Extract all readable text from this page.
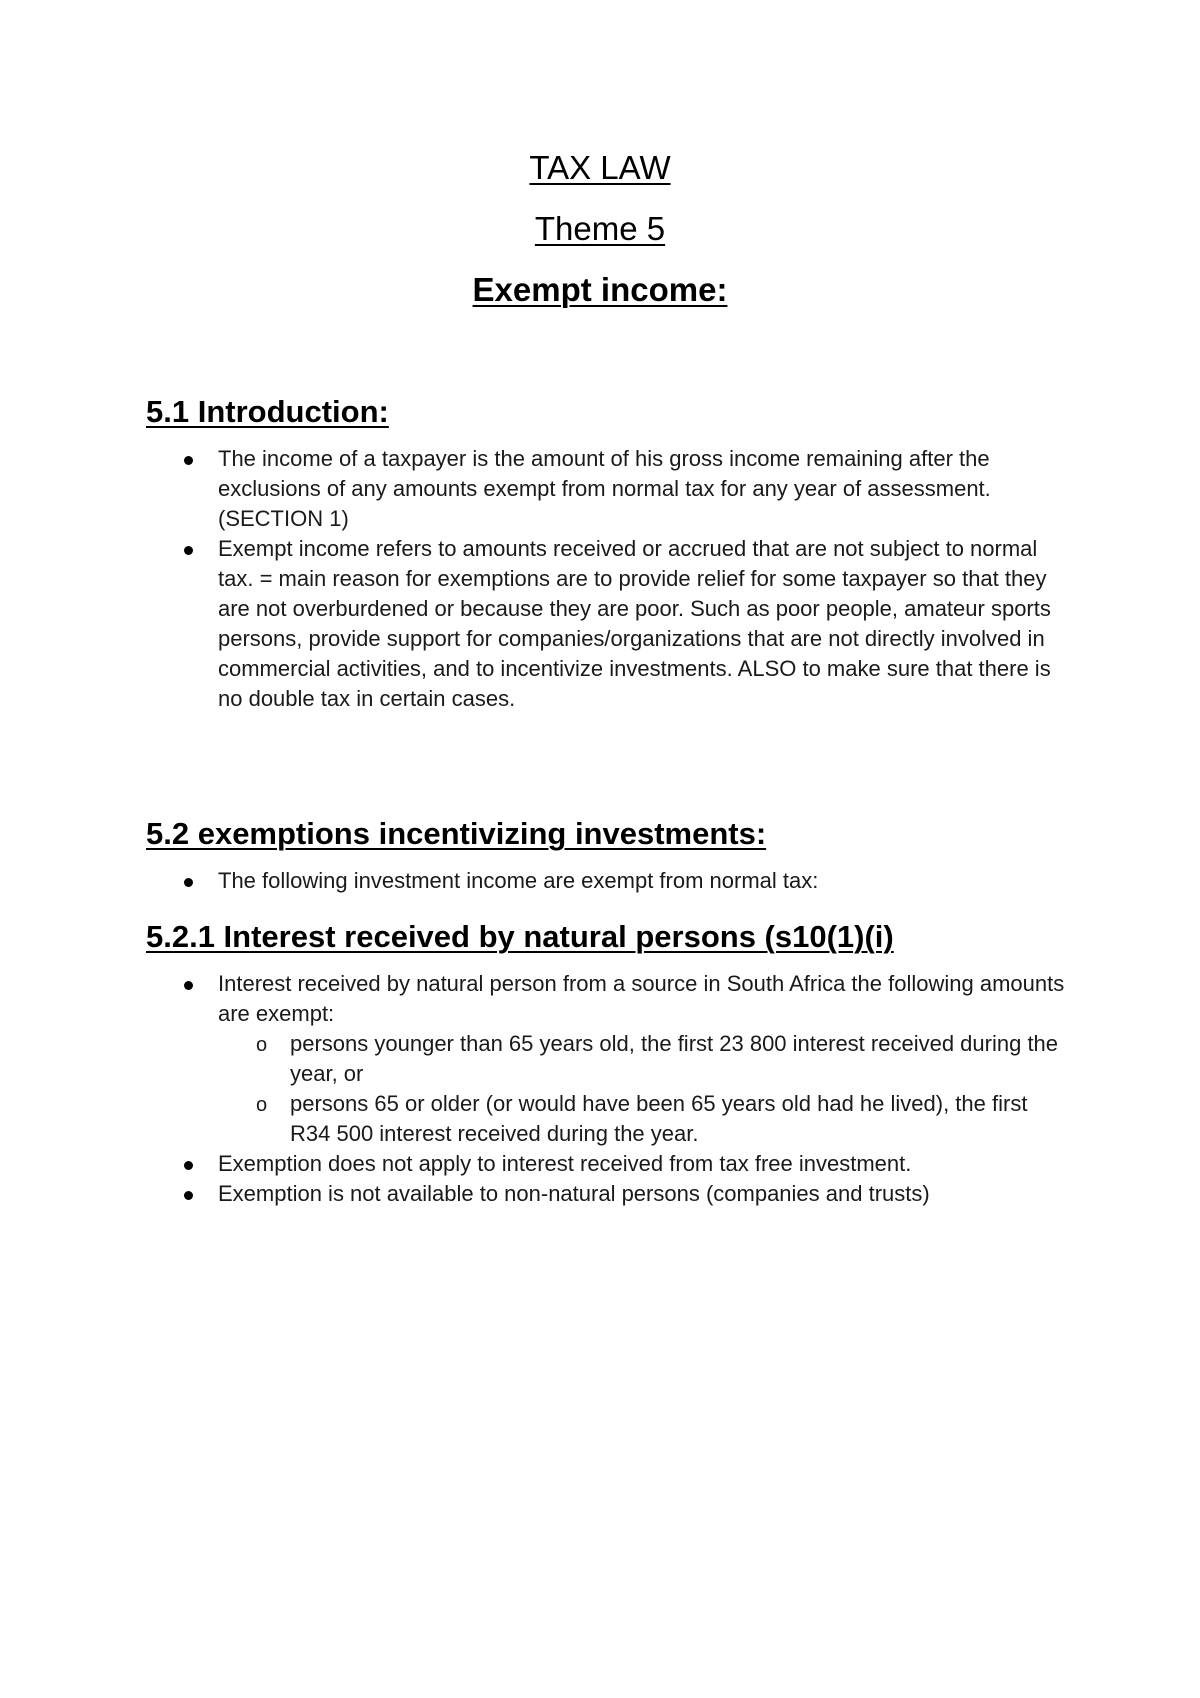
TAX LAW
Theme 5
Exempt income:
5.1 Introduction:
The income of a taxpayer is the amount of his gross income remaining after the exclusions of any amounts exempt from normal tax for any year of assessment. (SECTION 1)
Exempt income refers to amounts received or accrued that are not subject to normal tax. = main reason for exemptions are to provide relief for some taxpayer so that they are not overburdened or because they are poor. Such as poor people, amateur sports persons, provide support for companies/organizations that are not directly involved in commercial activities, and to incentivize investments. ALSO to make sure that there is no double tax in certain cases.
5.2 exemptions incentivizing investments:
The following investment income are exempt from normal tax:
5.2.1 Interest received by natural persons (s10(1)(i)
Interest received by natural person from a source in South Africa the following amounts are exempt:
o persons younger than 65 years old, the first 23 800 interest received during the year, or
o persons 65 or older (or would have been 65 years old had he lived), the first R34 500 interest received during the year.
Exemption does not apply to interest received from tax free investment.
Exemption is not available to non-natural persons (companies and trusts)
